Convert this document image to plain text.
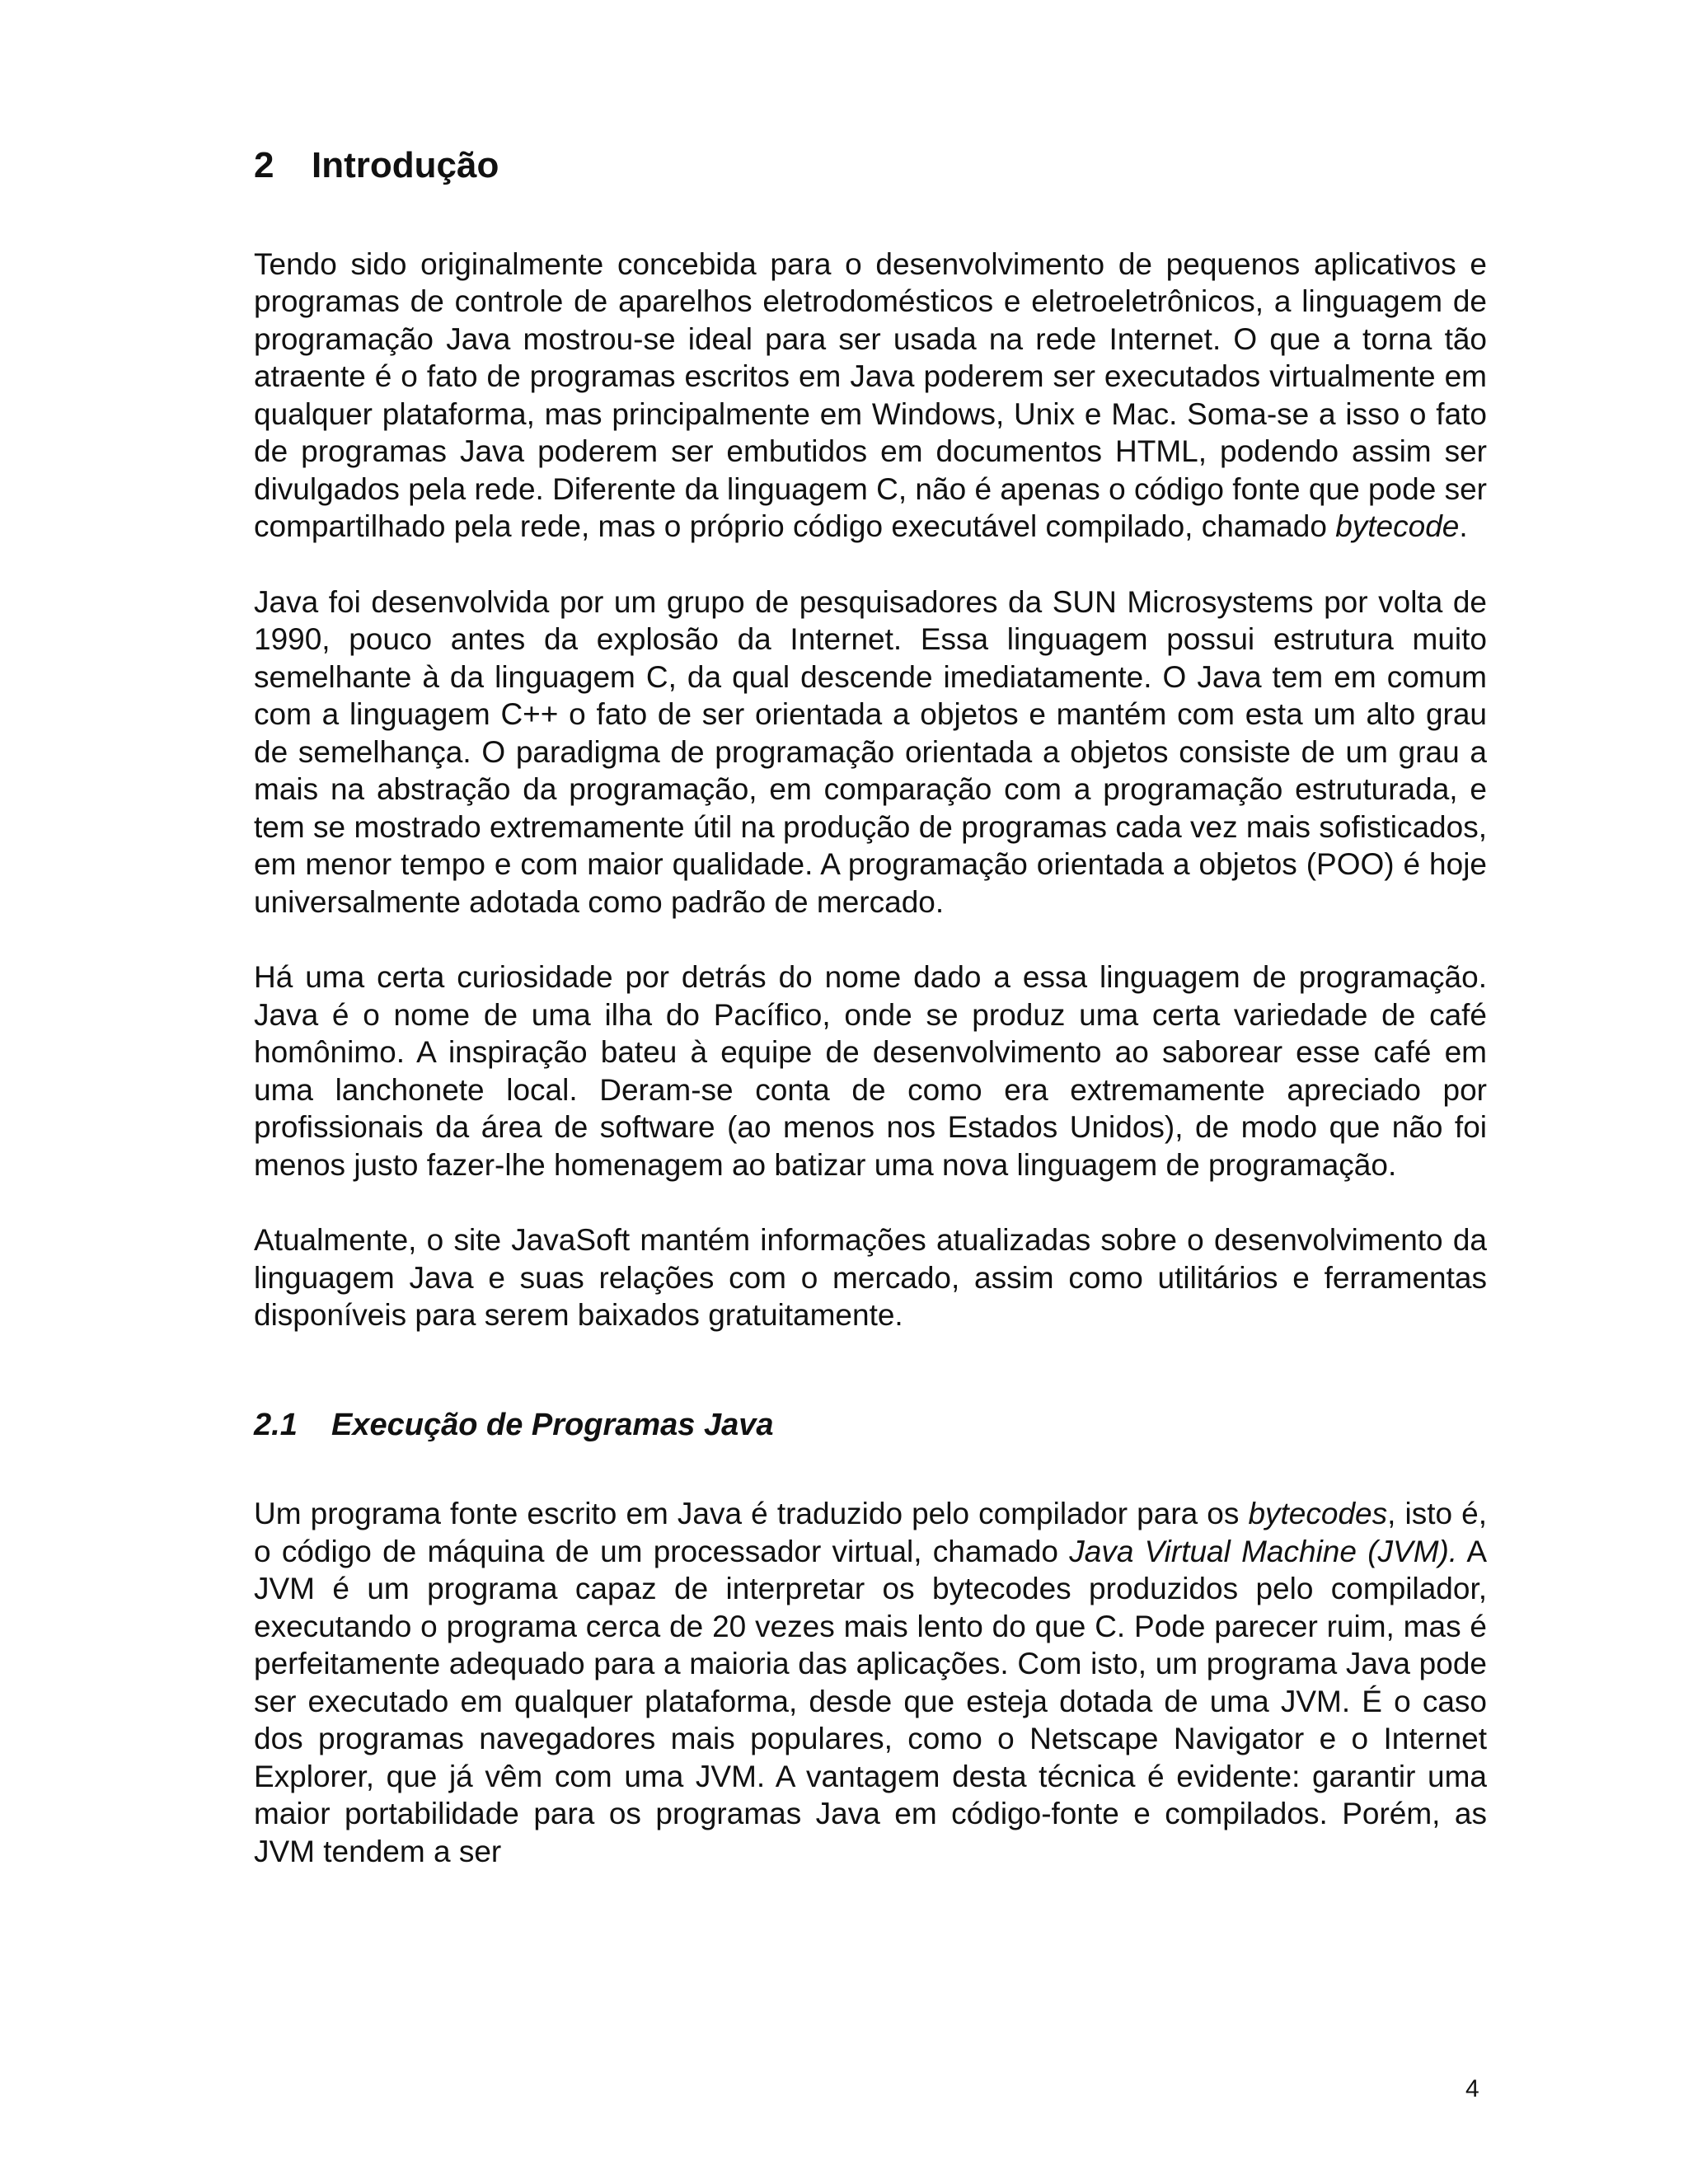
2 Introdução

Tendo sido originalmente concebida para o desenvolvimento de pequenos aplicativos e programas de controle de aparelhos eletrodomésticos e eletroeletrônicos, a linguagem de programação Java mostrou-se ideal para ser usada na rede Internet. O que a torna tão atraente é o fato de programas escritos em Java poderem ser executados virtualmente em qualquer plataforma, mas principalmente em Windows, Unix e Mac. Soma-se a isso o fato de programas Java poderem ser embutidos em documentos HTML, podendo assim ser divulgados pela rede. Diferente da linguagem C, não é apenas o código fonte que pode ser compartilhado pela rede, mas o próprio código executável compilado, chamado bytecode.

Java foi desenvolvida por um grupo de pesquisadores da SUN Microsystems por volta de 1990, pouco antes da explosão da Internet. Essa linguagem possui estrutura muito semelhante à da linguagem C, da qual descende imediatamente. O Java tem em comum com a linguagem C++ o fato de ser orientada a objetos e mantém com esta um alto grau de semelhança. O paradigma de programação orientada a objetos consiste de um grau a mais na abstração da programação, em comparação com a programação estruturada, e tem se mostrado extremamente útil na produção de programas cada vez mais sofisticados, em menor tempo e com maior qualidade. A programação orientada a objetos (POO) é hoje universalmente adotada como padrão de mercado.

Há uma certa curiosidade por detrás do nome dado a essa linguagem de programação. Java é o nome de uma ilha do Pacífico, onde se produz uma certa variedade de café homônimo. A inspiração bateu à equipe de desenvolvimento ao saborear esse café em uma lanchonete local. Deram-se conta de como era extremamente apreciado por profissionais da área de software (ao menos nos Estados Unidos), de modo que não foi menos justo fazer-lhe homenagem ao batizar uma nova linguagem de programação.

Atualmente, o site JavaSoft mantém informações atualizadas sobre o desenvolvimento da linguagem Java e suas relações com o mercado, assim como utilitários e ferramentas disponíveis para serem baixados gratuitamente.

2.1 Execução de Programas Java

Um programa fonte escrito em Java é traduzido pelo compilador para os bytecodes, isto é, o código de máquina de um processador virtual, chamado Java Virtual Machine (JVM). A JVM é um programa capaz de interpretar os bytecodes produzidos pelo compilador, executando o programa cerca de 20 vezes mais lento do que C. Pode parecer ruim, mas é perfeitamente adequado para a maioria das aplicações. Com isto, um programa Java pode ser executado em qualquer plataforma, desde que esteja dotada de uma JVM. É o caso dos programas navegadores mais populares, como o Netscape Navigator e o Internet Explorer, que já vêm com uma JVM. A vantagem desta técnica é evidente: garantir uma maior portabilidade para os programas Java em código-fonte e compilados. Porém, as JVM tendem a ser

4
